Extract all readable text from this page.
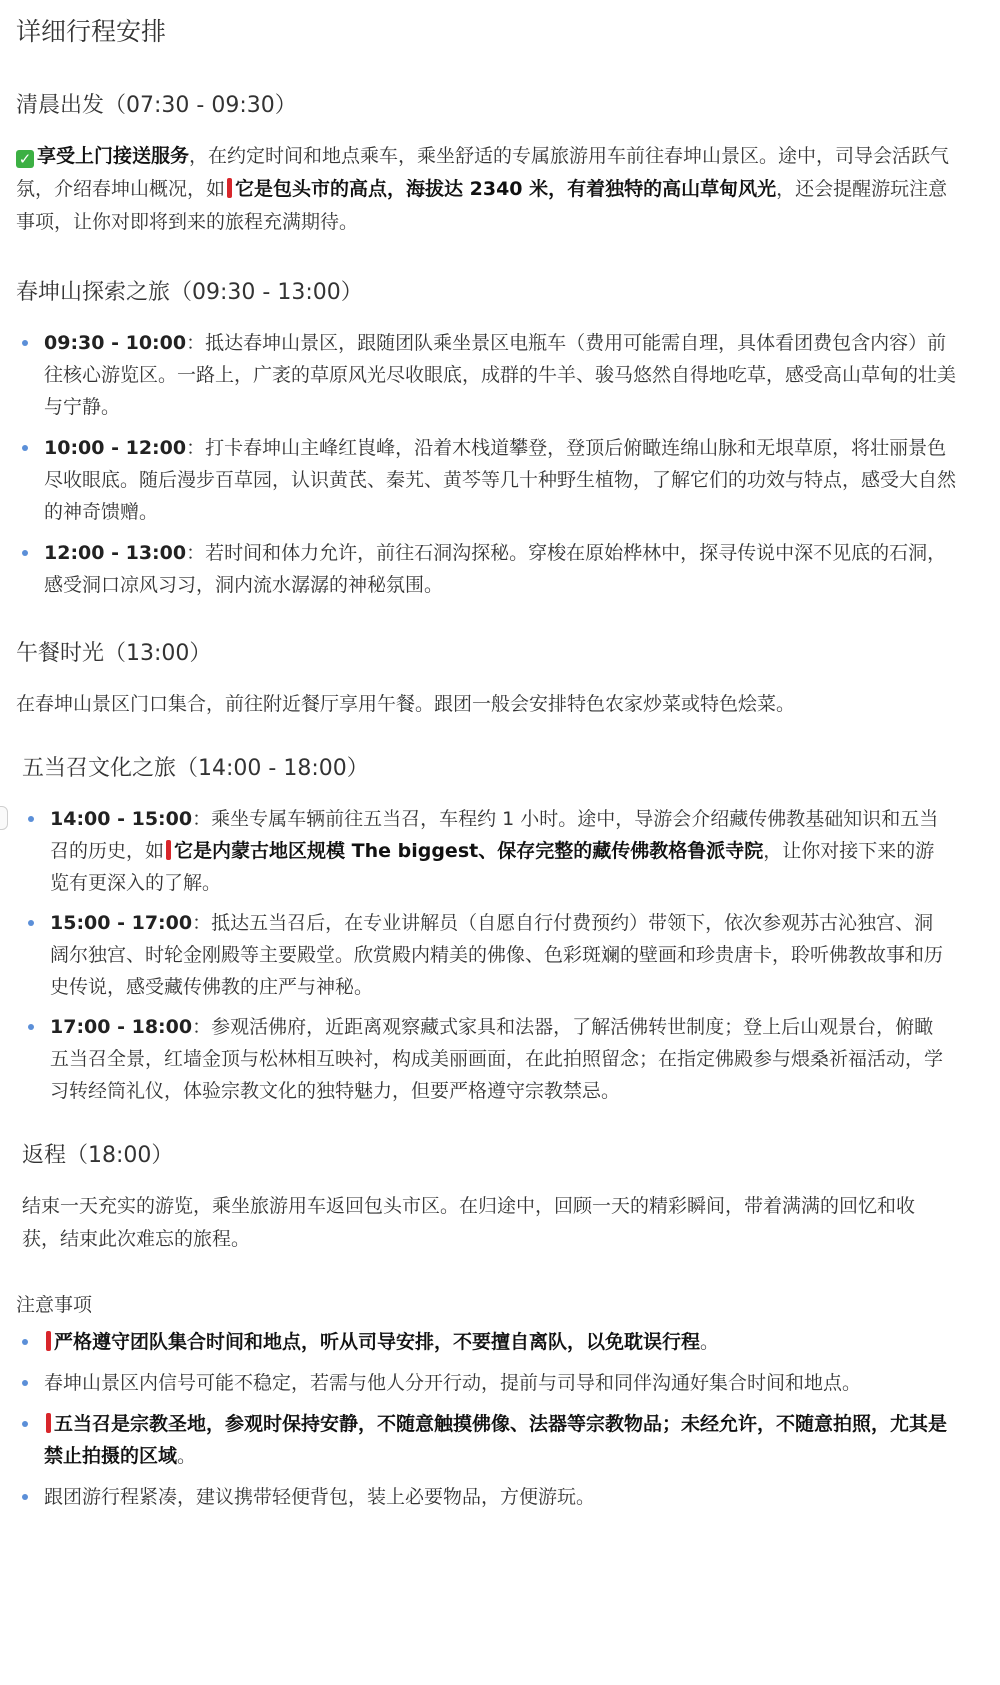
详细行程安排
清晨出发（07:30 - 09:30）
✓ 享受上门接送服务，在约定时间和地点乘车，乘坐舒适的专属旅游用车前往春坤山景区。途中，司导会活跃气氛，介绍春坤山概况，如 它是包头市的高点，海拔达 2340 米，有着独特的高山草甸风光，还会提醒游玩注意事项，让你对即将到来的旅程充满期待。
春坤山探索之旅（09:30 - 13:00）
09:30 - 10:00：抵达春坤山景区，跟随团队乘坐景区电瓶车（费用可能需自理，具体看团费包含内容）前往核心游览区。一路上，广袤的草原风光尽收眼底，成群的牛羊、骏马悠然自得地吃草，感受高山草甸的壮美与宁静。
10:00 - 12:00：打卡春坤山主峰红崀峰，沿着木栈道攀登，登顶后俯瞰连绵山脉和无垠草原，将壮丽景色尽收眼底。随后漫步百草园，认识黄芪、秦艽、黄芩等几十种野生植物，了解它们的功效与特点，感受大自然的神奇馈赠。
12:00 - 13:00：若时间和体力允许，前往石洞沟探秘。穿梭在原始桦林中，探寻传说中深不见底的石洞，感受洞口凉风习习，洞内流水潺潺的神秘氛围。
午餐时光（13:00）
在春坤山景区门口集合，前往附近餐厅享用午餐。跟团一般会安排特色农家炒菜或特色烩菜。
五当召文化之旅（14:00 - 18:00）
14:00 - 15:00：乘坐专属车辆前往五当召，车程约 1 小时。途中，导游会介绍藏传佛教基础知识和五当召的历史，如 它是内蒙古地区规模 The biggest、保存完整的藏传佛教格鲁派寺院，让你对接下来的游览有更深入的了解。
15:00 - 17:00：抵达五当召后，在专业讲解员（自愿自行付费预约）带领下，依次参观苏古沁独宫、洞阔尔独宫、时轮金刚殿等主要殿堂。欣赏殿内精美的佛像、色彩斑斓的壁画和珍贵唐卡，聆听佛教故事和历史传说，感受藏传佛教的庄严与神秘。
17:00 - 18:00：参观活佛府，近距离观察藏式家具和法器，了解活佛转世制度；登上后山观景台，俯瞰五当召全景，红墙金顶与松林相互映衬，构成美丽画面，在此拍照留念；在指定佛殿参与煨桑祈福活动，学习转经筒礼仪，体验宗教文化的独特魅力，但要严格遵守宗教禁忌。
返程（18:00）
结束一天充实的游览，乘坐旅游用车返回包头市区。在归途中，回顾一天的精彩瞬间，带着满满的回忆和收获，结束此次难忘的旅程。
注意事项
严格遵守团队集合时间和地点，听从司导安排，不要擅自离队，以免耽误行程。
春坤山景区内信号可能不稳定，若需与他人分开行动，提前与司导和同伴沟通好集合时间和地点。
五当召是宗教圣地，参观时保持安静，不随意触摸佛像、法器等宗教物品；未经允许，不随意拍照，尤其是禁止拍摄的区域。
跟团游行程紧凑，建议携带轻便背包，装上必要物品，方便游玩。
